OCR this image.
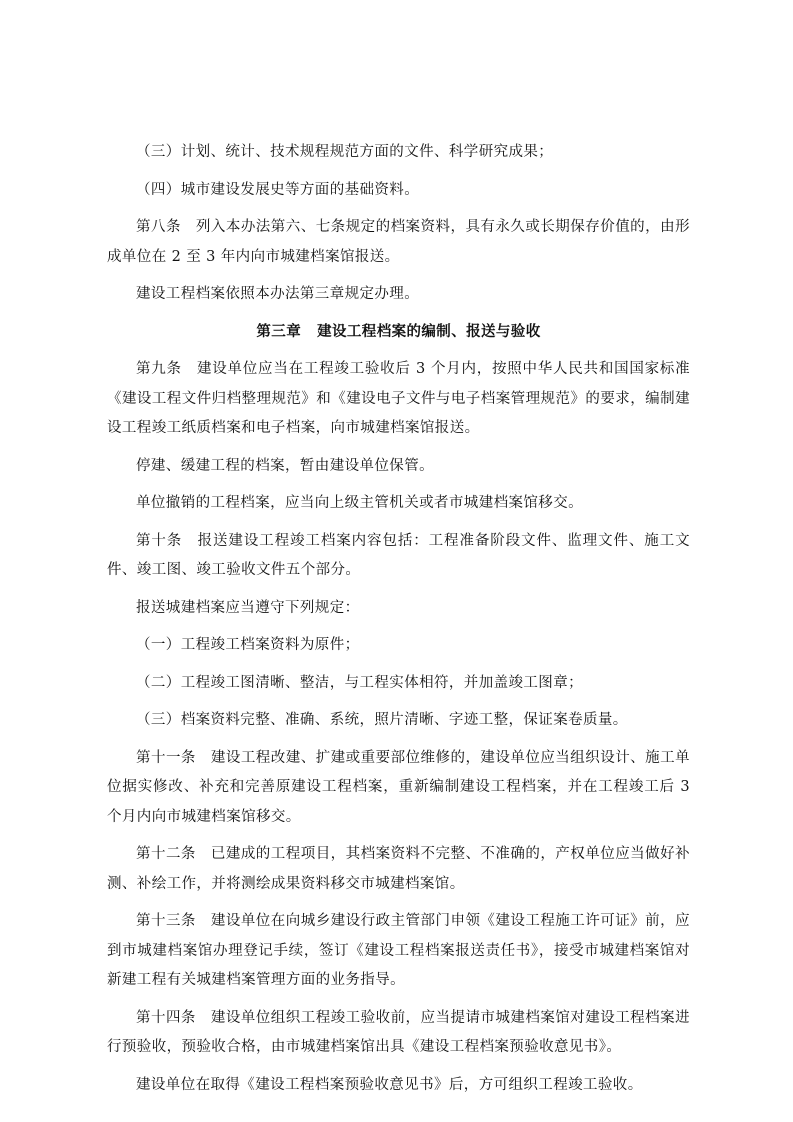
（三）计划、统计、技术规程规范方面的文件、科学研究成果；

（四）城市建设发展史等方面的基础资料。

第八条　列入本办法第六、七条规定的档案资料，具有永久或长期保存价值的，由形成单位在 2 至 3 年内向市城建档案馆报送。

建设工程档案依照本办法第三章规定办理。

第三章 建设工程档案的编制、报送与验收

第九条　建设单位应当在工程竣工验收后 3 个月内，按照中华人民共和国国家标准《建设工程文件归档整理规范》和《建设电子文件与电子档案管理规范》的要求，编制建设工程竣工纸质档案和电子档案，向市城建档案馆报送。

停建、缓建工程的档案，暂由建设单位保管。

单位撤销的工程档案，应当向上级主管机关或者市城建档案馆移交。

第十条　报送建设工程竣工档案内容包括：工程准备阶段文件、监理文件、施工文件、竣工图、竣工验收文件五个部分。

报送城建档案应当遵守下列规定：

（一）工程竣工档案资料为原件；

（二）工程竣工图清晰、整洁，与工程实体相符，并加盖竣工图章；

（三）档案资料完整、准确、系统，照片清晰、字迹工整，保证案卷质量。

第十一条　建设工程改建、扩建或重要部位维修的，建设单位应当组织设计、施工单位据实修改、补充和完善原建设工程档案，重新编制建设工程档案，并在工程竣工后 3 个月内向市城建档案馆移交。

第十二条　已建成的工程项目，其档案资料不完整、不准确的，产权单位应当做好补测、补绘工作，并将测绘成果资料移交市城建档案馆。

第十三条　建设单位在向城乡建设行政主管部门申领《建设工程施工许可证》前，应到市城建档案馆办理登记手续，签订《建设工程档案报送责任书》，接受市城建档案馆对新建工程有关城建档案管理方面的业务指导。

第十四条　建设单位组织工程竣工验收前，应当提请市城建档案馆对建设工程档案进行预验收，预验收合格，由市城建档案馆出具《建设工程档案预验收意见书》。

建设单位在取得《建设工程档案预验收意见书》后，方可组织工程竣工验收。
